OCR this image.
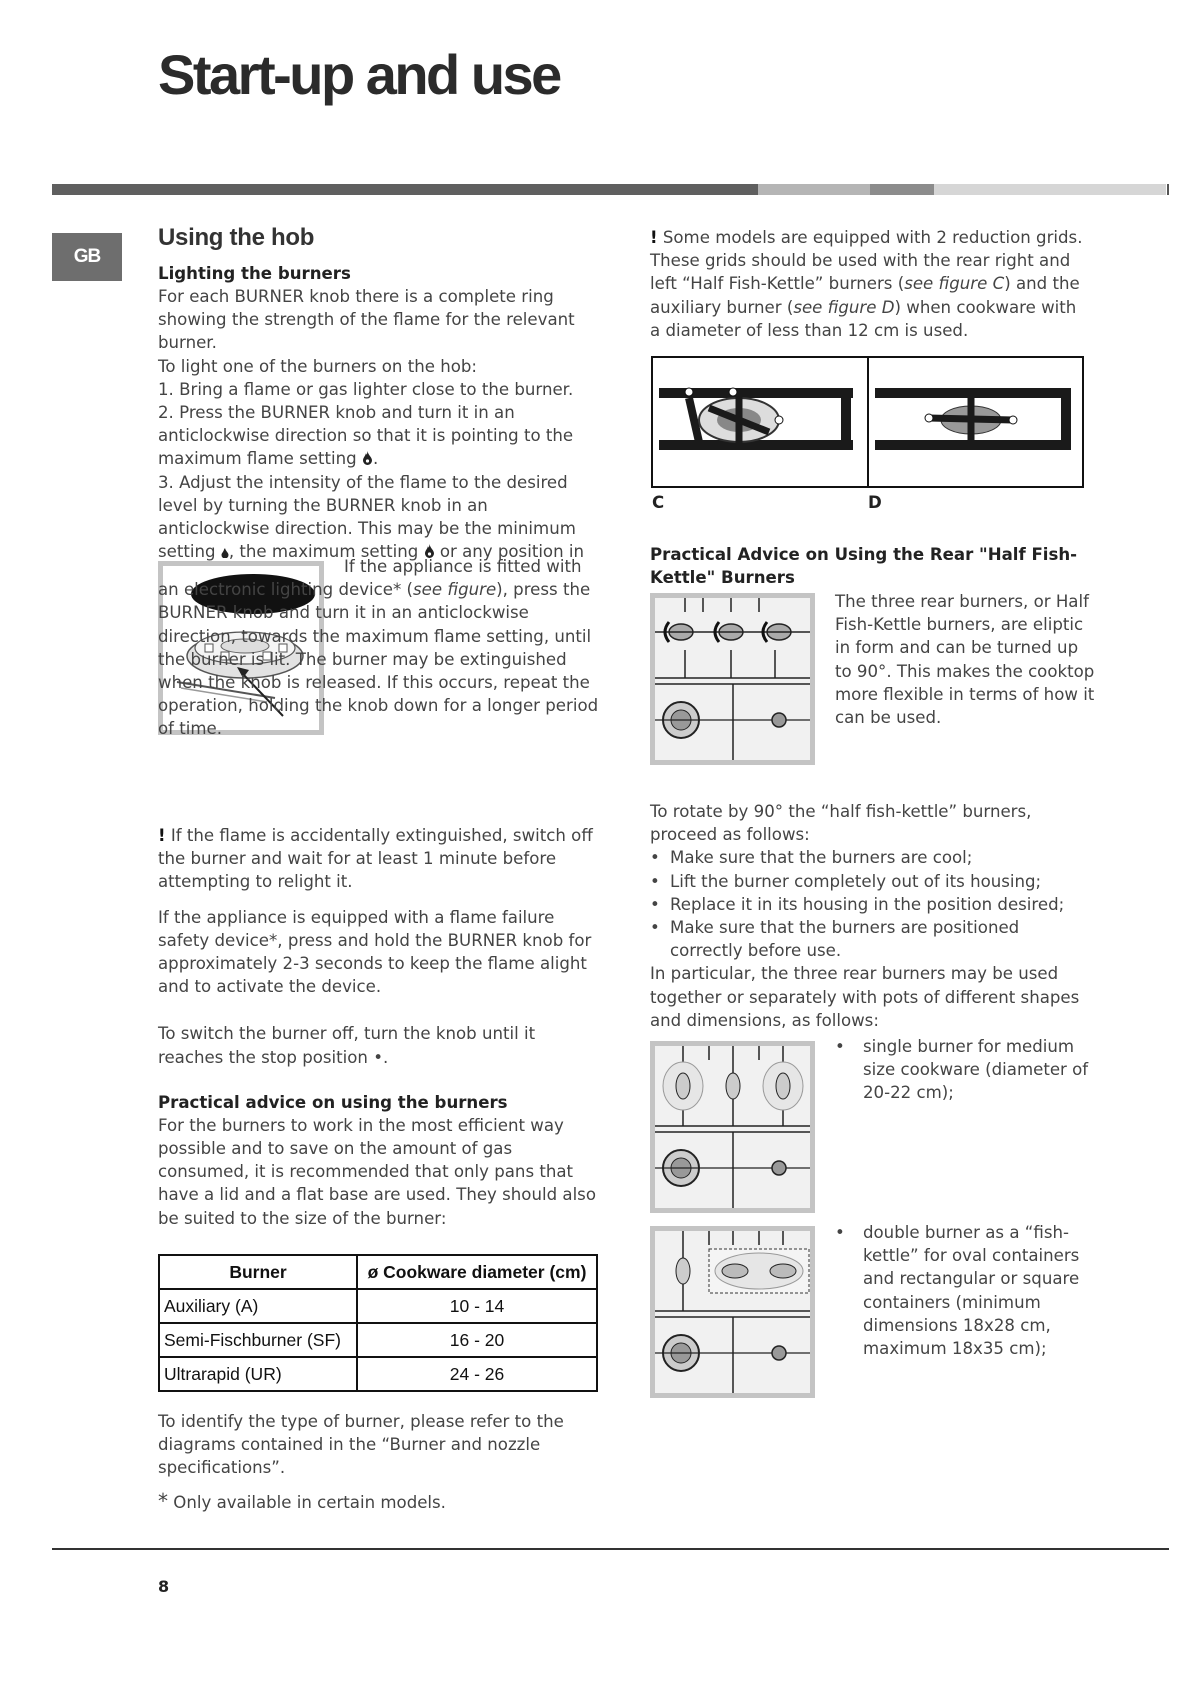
Start-up and use
GB
Using the hob
Lighting the burners

For each BURNER knob there is a complete ring showing the strength of the flame for the relevant burner.

To light one of the burners on the hob:

1. Bring a flame or gas lighter close to the burner.

2. Press the BURNER knob and turn it in an anticlockwise direction so that it is pointing to the maximum flame setting .

3. Adjust the intensity of the flame to the desired level by turning the BURNER knob in an anticlockwise direction. This may be the minimum setting , the maximum setting or any position in

If the appliance is fitted with an electronic lighting device* (see figure), press the BURNER knob and turn it in an anticlockwise direction, towards the maximum flame setting, until the burner is lit. The burner may be extinguished when the knob is released. If this occurs, repeat the operation, holding the knob down for a longer period of time.

! If the flame is accidentally extinguished, switch off the burner and wait for at least 1 minute before attempting to relight it.

If the appliance is equipped with a flame failure safety device*, press and hold the BURNER knob for approximately 2-3 seconds to keep the flame alight and to activate the device.

To switch the burner off, turn the knob until it reaches the stop position •.

Practical advice on using the burners

For the burners to work in the most efficient way possible and to save on the amount of gas consumed, it is recommended that only pans that have a lid and a flat base are used. They should also be suited to the size of the burner:

Burner	ø Cookware diameter (cm)
Auxiliary (A)	10 - 14
Semi-Fischburner (SF)	16 - 20
Ultrarapid (UR)	24 - 26

To identify the type of burner, please refer to the diagrams contained in the “Burner and nozzle specifications”.

* Only available in certain models.

! Some models are equipped with 2 reduction grids. These grids should be used with the rear right and left “Half Fish-Kettle” burners (see figure C) and the auxiliary burner (see figure D) when cookware with a diameter of less than 12 cm is used.

C	D
Practical Advice on Using the Rear "Half Fish-Kettle" Burners
The three rear burners, or Half Fish-Kettle burners, are eliptic in form and can be turned up to 90°. This makes the cooktop more flexible in terms of how it can be used.

To rotate by 90° the “half fish-kettle” burners, proceed as follows:

• Make sure that the burners are cool;
• Lift the burner completely out of its housing;
• Replace it in its housing in the position desired;
• Make sure that the burners are positioned correctly before use.

In particular, the three rear burners may be used together or separately with pots of different shapes and dimensions, as follows:

• single burner for medium size cookware (diameter of 20-22 cm);

• double burner as a “fish-kettle” for oval containers and rectangular or square containers (minimum dimensions 18x28 cm, maximum 18x35 cm);

8
